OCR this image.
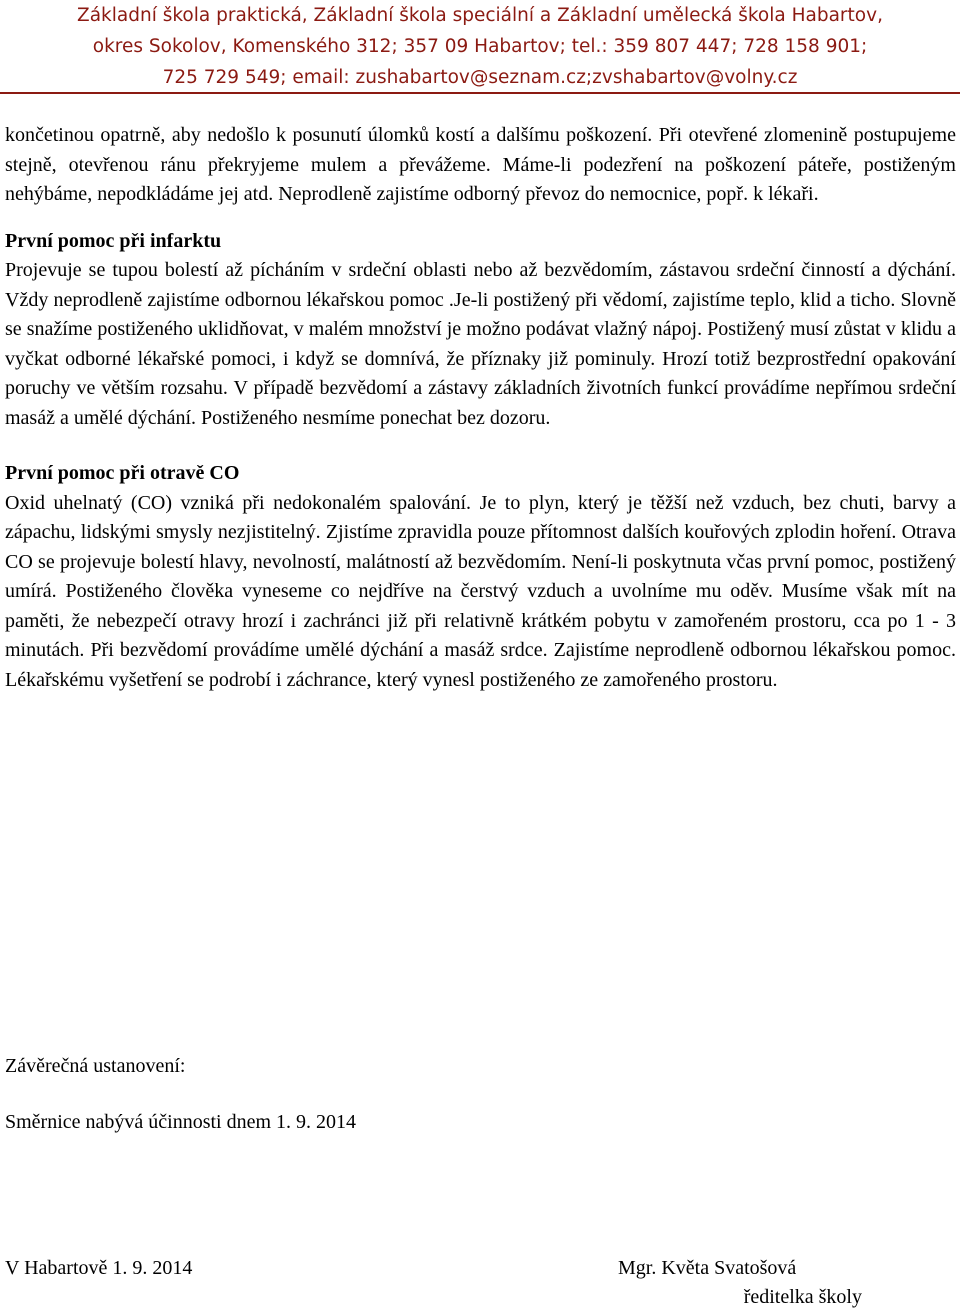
Základní škola praktická, Základní škola speciální a Základní umělecká škola Habartov,
okres Sokolov, Komenského 312; 357 09 Habartov; tel.: 359 807 447; 728 158 901;
725 729 549; email: zushabartov@seznam.cz;zvshabartov@volny.cz

končetinou opatrně, aby nedošlo k posunutí úlomků kostí a dalšímu poškození. Při otevřené zlomenině postupujeme stejně, otevřenou ránu překryjeme mulem a převážeme. Máme-li podezření na poškození páteře, postiženým nehýbáme, nepodkládáme jej atd. Neprodleně zajistíme odborný převoz do nemocnice, popř. k lékaři.

První pomoc při infarktu

Projevuje se tupou bolestí až pícháním v srdeční oblasti nebo až bezvědomím, zástavou srdeční činností a dýchání. Vždy neprodleně zajistíme odbornou lékařskou pomoc .Je-li postižený při vědomí, zajistíme teplo, klid a ticho. Slovně se snažíme postiženého uklidňovat, v malém množství je možno podávat vlažný nápoj. Postižený musí zůstat v klidu a vyčkat odborné lékařské pomoci, i když se domnívá, že příznaky již pominuly. Hrozí totiž bezprostřední opakování poruchy ve větším rozsahu. V případě bezvědomí a zástavy základních životních funkcí provádíme nepřímou srdeční masáž a umělé dýchání. Postiženého nesmíme ponechat bez dozoru.

První pomoc při otravě CO

Oxid uhelnatý (CO) vzniká při nedokonalém spalování. Je to plyn, který je těžší než vzduch, bez chuti, barvy a zápachu, lidskými smysly nezjistitelný. Zjistíme zpravidla pouze přítomnost dalších kouřových zplodin hoření. Otrava CO se projevuje bolestí hlavy, nevolností, malátností až bezvědomím. Není-li poskytnuta včas první pomoc, postižený umírá. Postiženého člověka vyneseme co nejdříve na čerstvý vzduch a uvolníme mu oděv. Musíme však mít na paměti, že nebezpečí otravy hrozí i zachránci již při relativně krátkém pobytu v zamořeném prostoru, cca po 1 - 3 minutách. Při bezvědomí provádíme umělé dýchání a masáž srdce. Zajistíme neprodleně odbornou lékařskou pomoc. Lékařskému vyšetření se podrobí i záchrance, který vynesl postiženého ze zamořeného prostoru.

Závěrečná ustanovení:
Směrnice nabývá účinnosti dnem 1. 9. 2014
V Habartově 1. 9. 2014	Mgr. Květa Svatošová
ředitelka školy
